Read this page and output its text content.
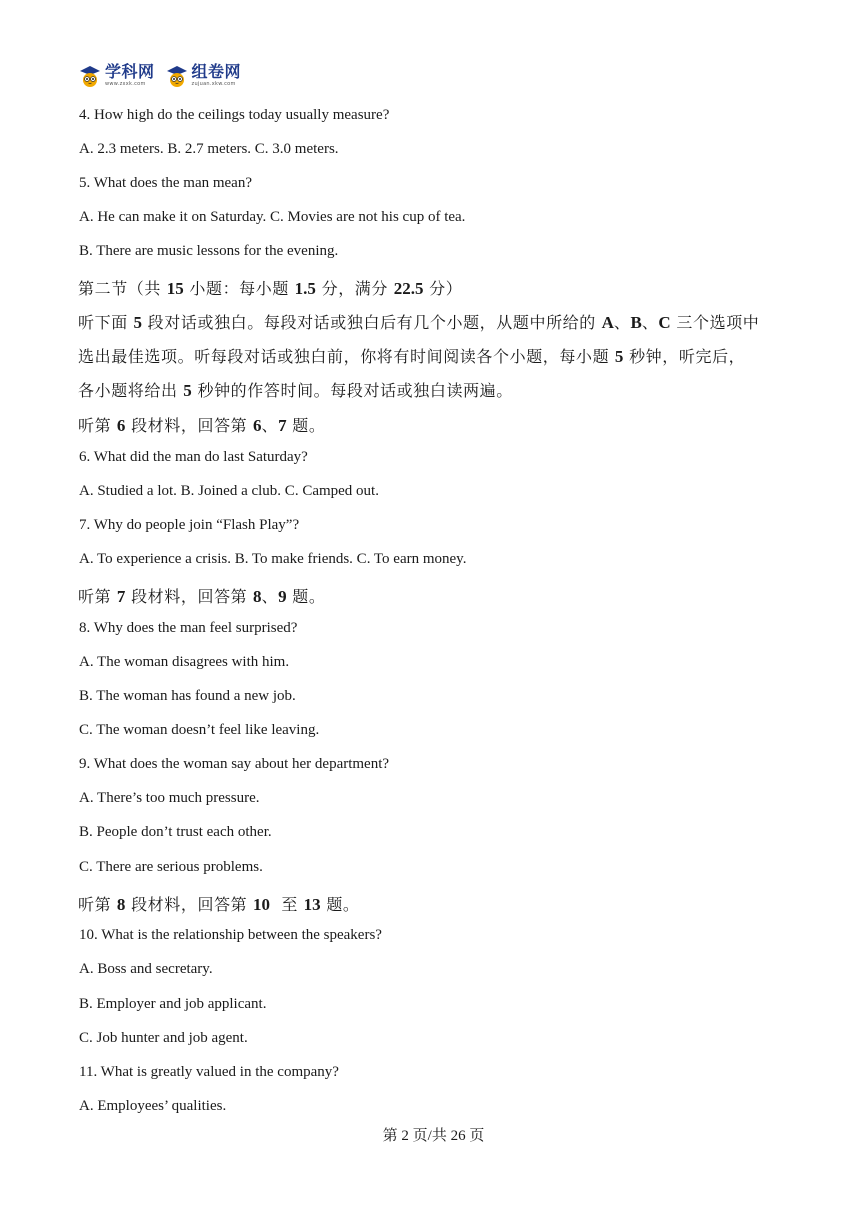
学科网
www.zxxk.com
组卷网
zujuan.xkw.com
4. How high do the ceilings today usually measure?
A. 2.3 meters. B. 2.7 meters. C. 3.0 meters.
5. What does the man mean?
A. He can make it on Saturday. C. Movies are not his cup of tea.
B. There are music lessons for the evening.
第二节（共 15 小题：每小题 1.5 分，满分 22.5 分）
听下面 5 段对话或独白。每段对话或独白后有几个小题，从题中所给的 A、B、C 三个选项中
选出最佳选项。听每段对话或独白前，你将有时间阅读各个小题，每小题 5 秒钟，听完后，
各小题将给出 5 秒钟的作答时间。每段对话或独白读两遍。
听第 6 段材料，回答第 6、7 题。
6. What did the man do last Saturday?
A. Studied a lot. B. Joined a club. C. Camped out.
7. Why do people join “Flash Play”?
A. To experience a crisis. B. To make friends. C. To earn money.
听第 7 段材料，回答第 8、9 题。
8. Why does the man feel surprised?
A. The woman disagrees with him.
B. The woman has found a new job.
C. The woman doesn’t feel like leaving.
9. What does the woman say about her department?
A. There’s too much pressure.
B. People don’t trust each other.
C. There are serious problems.
听第 8 段材料，回答第 10  至 13 题。
10. What is the relationship between the speakers?
A. Boss and secretary.
B. Employer and job applicant.
C. Job hunter and job agent.
11. What is greatly valued in the company?
A. Employees’ qualities.
第 2 页/共 26 页
